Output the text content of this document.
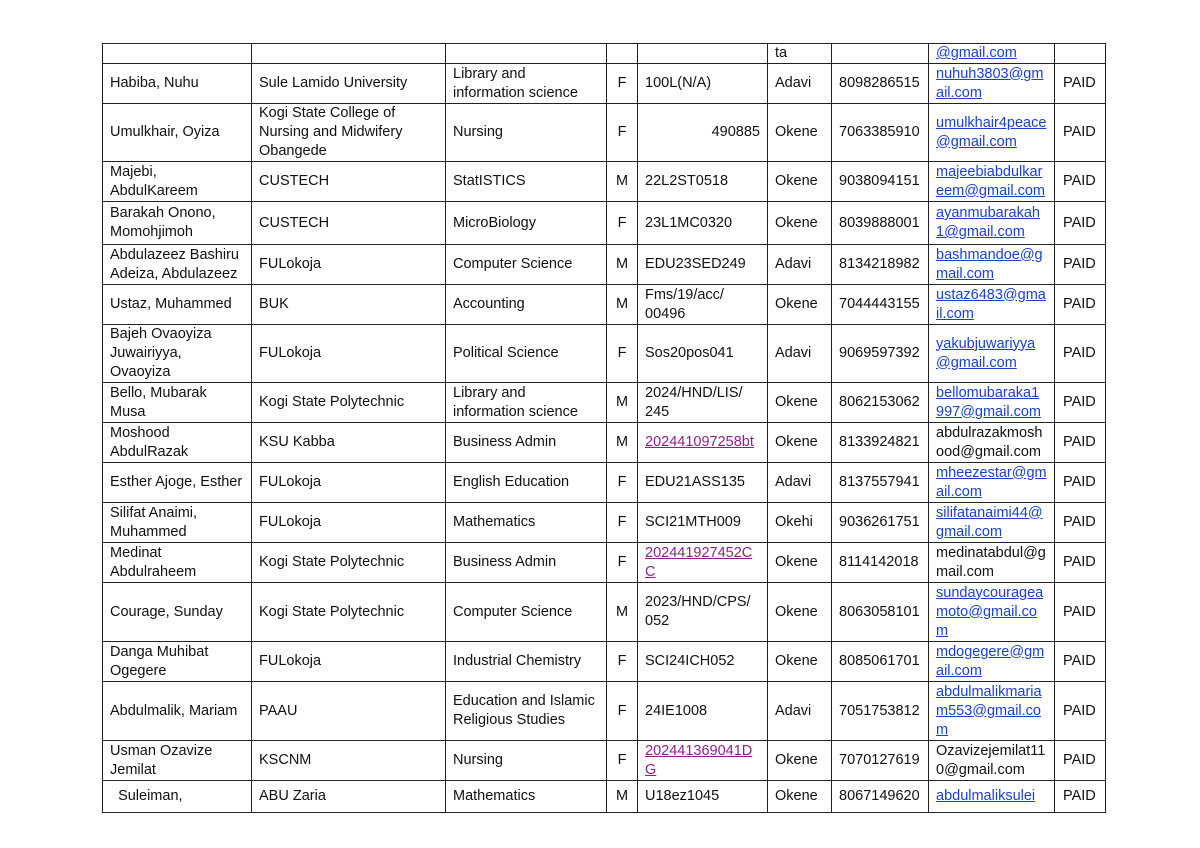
					ta		@gmail.com	
Habiba, Nuhu	Sule Lamido University	Library and information science	F	100L(N/A)	Adavi	8098286515	nuhuh3803@gmail.com	PAID
Umulkhair, Oyiza	Kogi State College of Nursing and Midwifery Obangede	Nursing	F	490885	Okene	7063385910	umulkhair4peace@gmail.com	PAID
Majebi, AbdulKareem	CUSTECH	StatISTICS	M	22L2ST0518	Okene	9038094151	majeebiabdulkareem@gmail.com	PAID
Barakah Onono, Momohjimoh	CUSTECH	MicroBiology	F	23L1MC0320	Okene	8039888001	ayanmubarakah1@gmail.com	PAID
Abdulazeez Bashiru Adeiza, Abdulazeez	FULokoja	Computer Science	M	EDU23SED249	Adavi	8134218982	bashmandoe@gmail.com	PAID
Ustaz, Muhammed	BUK	Accounting	M	Fms/19/acc/ 00496	Okene	7044443155	ustaz6483@gmail.com	PAID
Bajeh Ovaoyiza Juwairiyya, Ovaoyiza	FULokoja	Political Science	F	Sos20pos041	Adavi	9069597392	yakubjuwariyya@gmail.com	PAID
Bello, Mubarak Musa	Kogi State Polytechnic	Library and information science	M	2024/HND/LIS/ 245	Okene	8062153062	bellomubaraka1997@gmail.com	PAID
Moshood AbdulRazak	KSU Kabba	Business Admin	M	202441097258bt	Okene	8133924821	abdulrazakmoshood@gmail.com	PAID
Esther Ajoge, Esther	FULokoja	English Education	F	EDU21ASS135	Adavi	8137557941	mheezestar@gmail.com	PAID
Silifat Anaimi, Muhammed	FULokoja	Mathematics	F	SCI21MTH009	Okehi	9036261751	silifatanaimi44@gmail.com	PAID
Medinat Abdulraheem	Kogi State Polytechnic	Business Admin	F	202441927452CC	Okene	8114142018	medinatabdul@gmail.com	PAID
Courage, Sunday	Kogi State Polytechnic	Computer Science	M	2023/HND/CPS/ 052	Okene	8063058101	sundaycourageamoto@gmail.com	PAID
Danga Muhibat Ogegere	FULokoja	Industrial Chemistry	F	SCI24ICH052	Okene	8085061701	mdogegere@gmail.com	PAID
Abdulmalik, Mariam	PAAU	Education and Islamic Religious Studies	F	24IE1008	Adavi	7051753812	abdulmalikmariam553@gmail.com	PAID
Usman Ozavize Jemilat	KSCNM	Nursing	F	202441369041DG	Okene	7070127619	Ozavizejemilat110@gmail.com	PAID
Suleiman,	ABU Zaria	Mathematics	M	U18ez1045	Okene	8067149620	abdulmaliksulei	PAID
